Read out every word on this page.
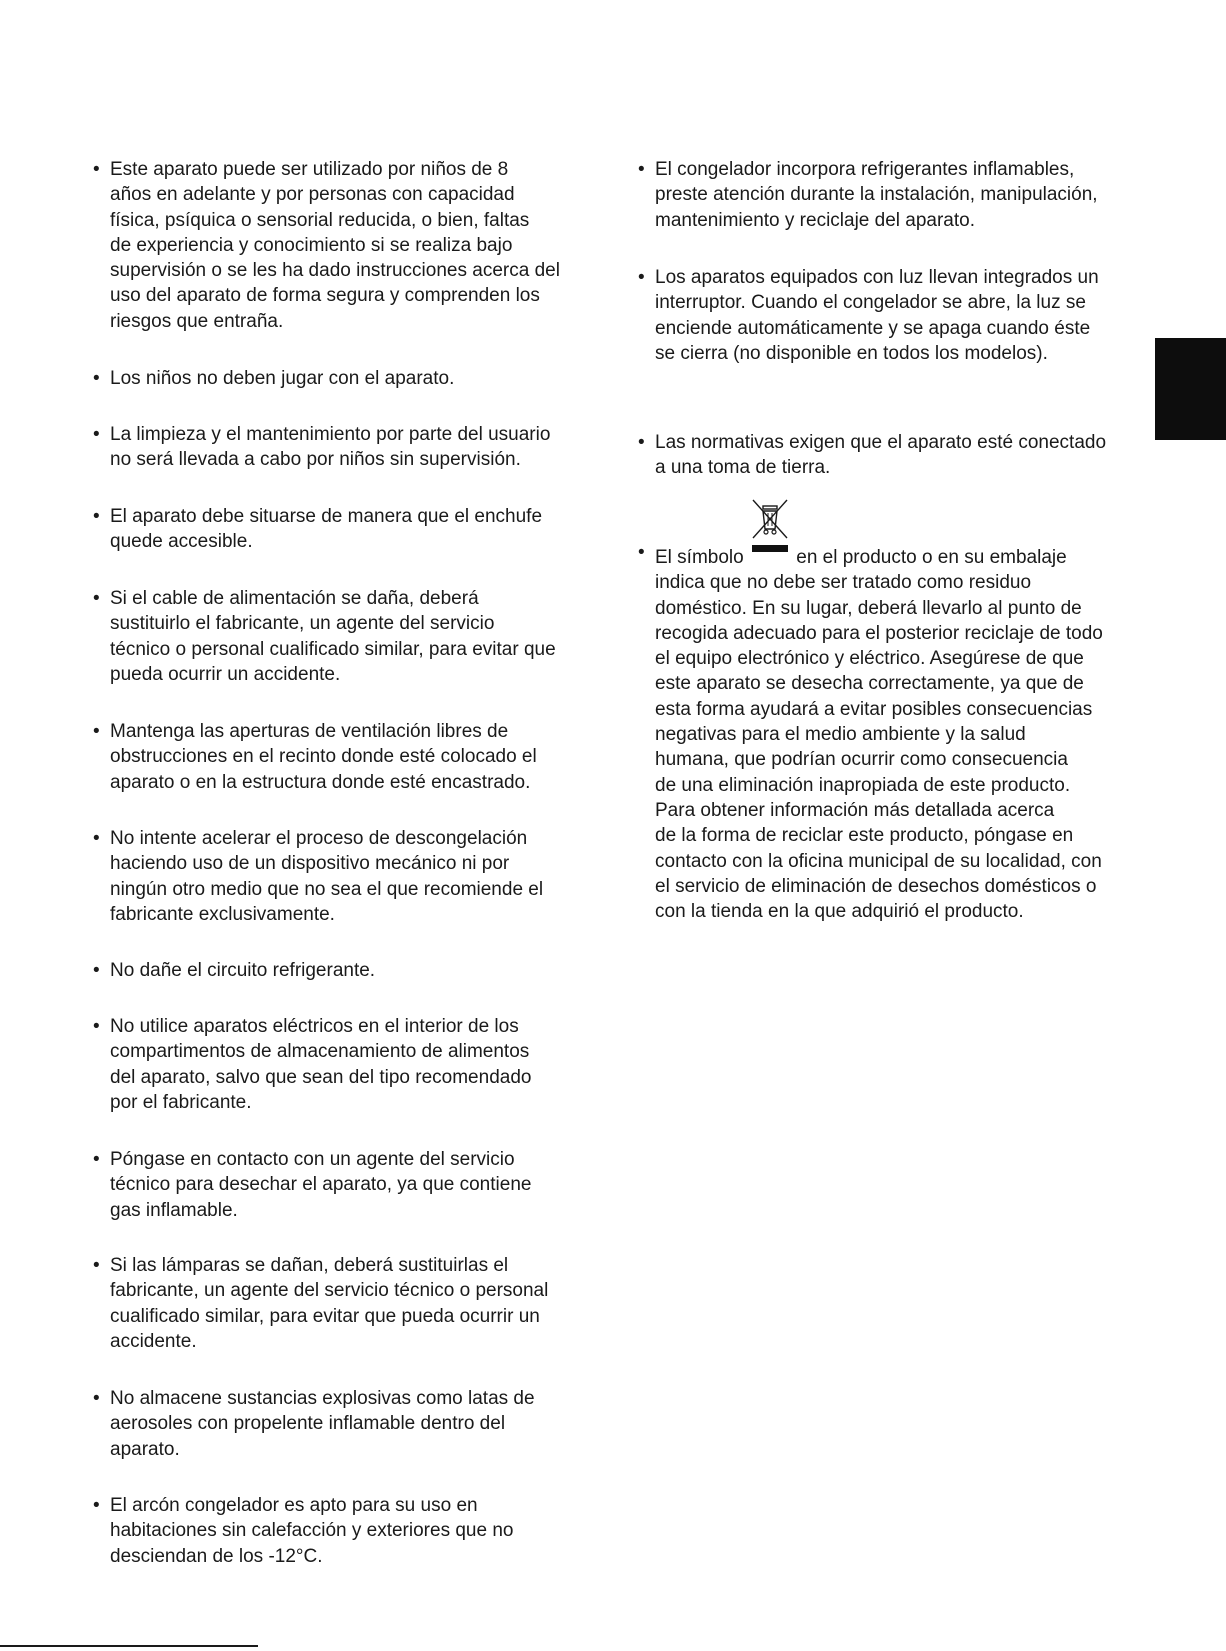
• Este aparato puede ser utilizado por niños de 8
años en adelante y por personas con capacidad
física, psíquica o sensorial reducida, o bien, faltas
de experiencia y conocimiento si se realiza bajo
supervisión o se les ha dado instrucciones acerca del
uso del aparato de forma segura y comprenden los
riesgos que entraña.
• Los niños no deben jugar con el aparato.
• La limpieza y el mantenimiento por parte del usuario
no será llevada a cabo por niños sin supervisión.
• El aparato debe situarse de manera que el enchufe
quede accesible.
• Si el cable de alimentación se daña, deberá
sustituirlo el fabricante, un agente del servicio
técnico o personal cualificado similar, para evitar que
pueda ocurrir un accidente.
• Mantenga las aperturas de ventilación libres de
obstrucciones en el recinto donde esté colocado el
aparato o en la estructura donde esté encastrado.
• No intente acelerar el proceso de descongelación
haciendo uso de un dispositivo mecánico ni por
ningún otro medio que no sea el que recomiende el
fabricante exclusivamente.
• No dañe el circuito refrigerante.
• No utilice aparatos eléctricos en el interior de los
compartimentos de almacenamiento de alimentos
del aparato, salvo que sean del tipo recomendado
por el fabricante.
• Póngase en contacto con un agente del servicio
técnico para desechar el aparato, ya que contiene
gas inflamable.
• Si las lámparas se dañan, deberá sustituirlas el
fabricante, un agente del servicio técnico o personal
cualificado similar, para evitar que pueda ocurrir un
accidente.
• No almacene sustancias explosivas como latas de
aerosoles con propelente inflamable dentro del
aparato.
• El arcón congelador es apto para su uso en
habitaciones sin calefacción y exteriores que no
desciendan de los -12°C.
• El congelador incorpora refrigerantes inflamables,
preste atención durante la instalación, manipulación,
mantenimiento y reciclaje del aparato.
• Los aparatos equipados con luz llevan integrados un
interruptor. Cuando el congelador se abre, la luz se
enciende automáticamente y se apaga cuando éste
se cierra (no disponible en todos los modelos).
• Las normativas exigen que el aparato esté conectado
a una toma de tierra.
• El símbolo	en el producto o en su embalaje
indica que no debe ser tratado como residuo
doméstico. En su lugar, deberá llevarlo al punto de
recogida adecuado para el posterior reciclaje de todo
el equipo electrónico y eléctrico. Asegúrese de que
este aparato se desecha correctamente, ya que de
esta forma ayudará a evitar posibles consecuencias
negativas para el medio ambiente y la salud
humana, que podrían ocurrir como consecuencia
de una eliminación inapropiada de este producto.
Para obtener información más detallada acerca
de la forma de reciclar este producto, póngase en
contacto con la oficina municipal de su localidad, con
el servicio de eliminación de desechos domésticos o
con la tienda en la que adquirió el producto.
